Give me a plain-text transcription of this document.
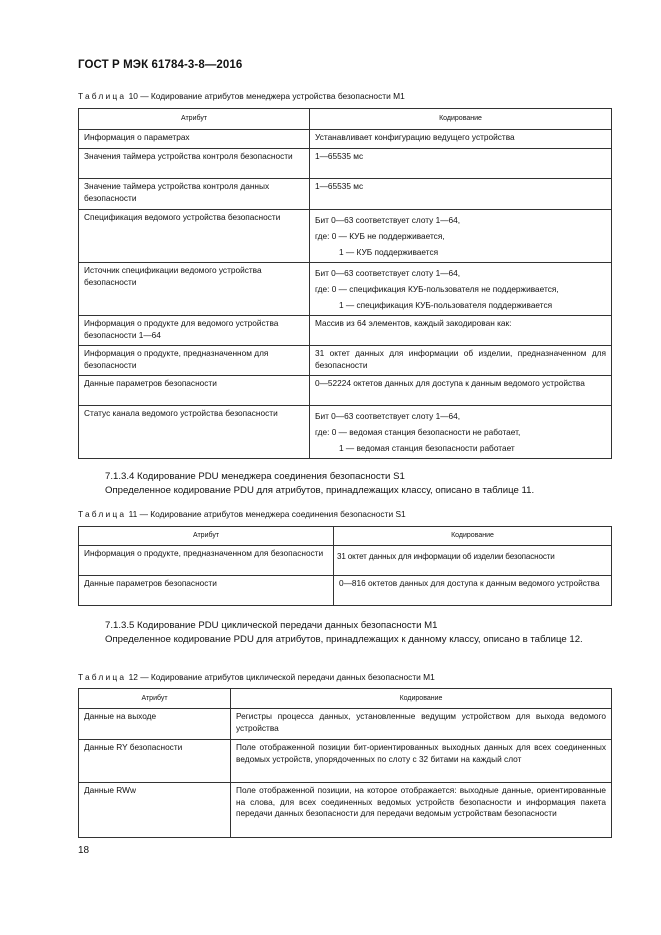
ГОСТ Р МЭК 61784-3-8—2016
Таблица 10 — Кодирование атрибутов менеджера устройства безопасности М1
Атрибут	Кодирование
Информация о параметрах	Устанавливает конфигурацию ведущего устройства

Значения таймера устройства контроля безопасности	1—65535 мс

Значение таймера устройства контроля данных безопасности	1—65535 мс

Спецификация ведомого устройства безопасности	Бит 0—63 соответствует слоту 1—64,
где: 0 — КУБ не поддерживается,
1 — КУБ поддерживается

Источник спецификации ведомого устройства безопасности	Бит 0—63 соответствует слоту 1—64,
где: 0 — спецификация КУБ-пользователя не поддерживается,
1 — спецификация КУБ-пользователя поддерживается

Информация о продукте для ведомого устройства безопасности 1—64	Массив из 64 элементов, каждый закодирован как:

Информация о продукте, предназначенном для безопасности	31 октет данных для информации об изделии, предназначенном для безопасности
Данные параметров безопасности	0—52224 октетов данных для доступа к данным ведомого устройства
Статус канала ведомого устройства безопасности	Бит 0—63 соответствует слоту 1—64,
где: 0 — ведомая станция безопасности не работает,
1 — ведомая станция безопасности работает
7.1.3.4 Кодирование PDU менеджера соединения безопасности S1
Определенное кодирование PDU для атрибутов, принадлежащих классу, описано в таблице 11.
Таблица 11 — Кодирование атрибутов менеджера соединения безопасности S1
Атрибут	Кодирование
Информация о продукте, предназначенном для безопасности	31 октет данных для информации об изделии безопасности
Данные параметров безопасности	0—816 октетов данных для доступа к данным ведомого устройства
7.1.3.5 Кодирование PDU циклической передачи данных безопасности М1
Определенное кодирование PDU для атрибутов, принадлежащих к данному классу, описано в таблице 12.
Таблица 12 — Кодирование атрибутов циклической передачи данных безопасности М1
Атрибут	Кодирование
Данные на выходе	Регистры процесса данных, установленные ведущим устройством для выхода ведомого устройства
Данные RY безопасности	Поле отображенной позиции бит-ориентированных выходных данных для всех соединенных ведомых устройств, упорядоченных по слоту с 32 битами на каждый слот
Данные RWw	Поле отображенной позиции, на которое отображается: выходные данные, ориентированные на слова, для всех соединенных ведомых устройств безопасности и информация пакета передачи данных безопасности для передачи ведомым устройствам безопасности
18
